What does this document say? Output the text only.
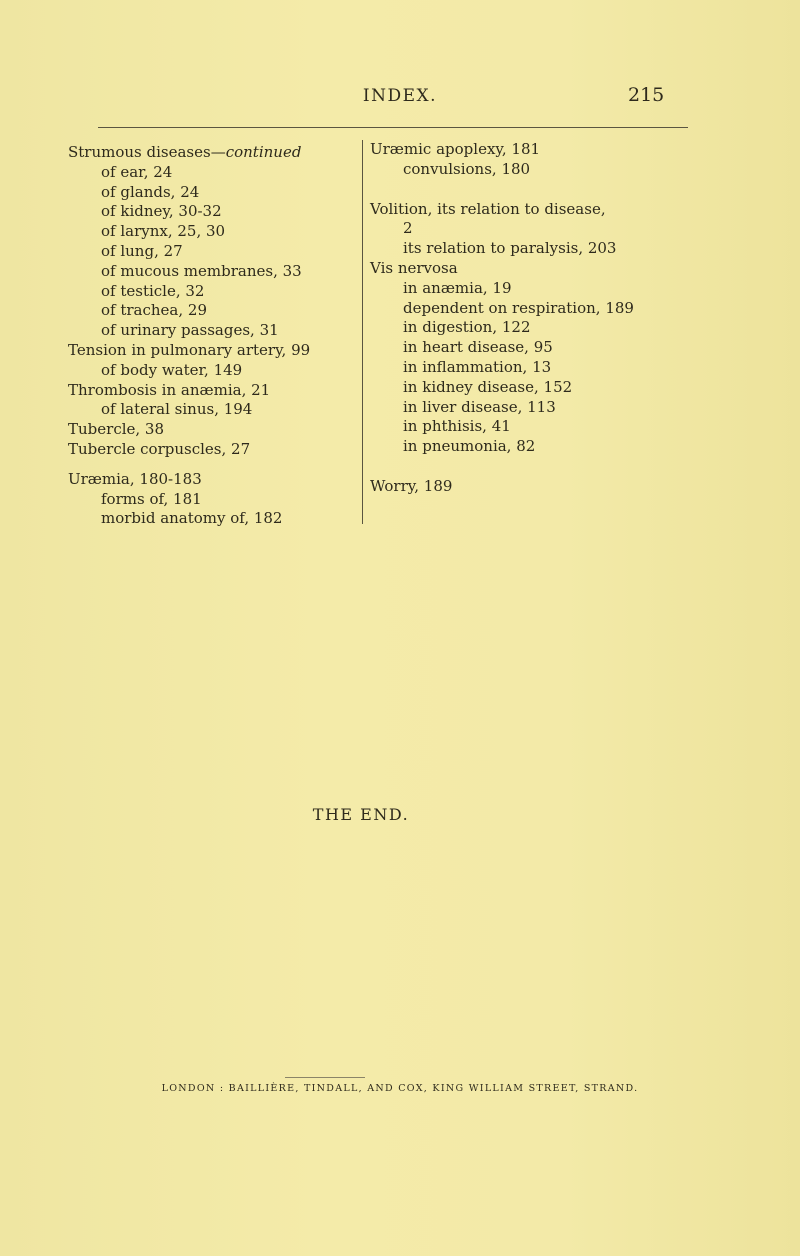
INDEX.	215
Strumous diseases—continued
of ear, 24
of glands, 24
of kidney, 30-32
of larynx, 25, 30
of lung, 27
of mucous membranes, 33
of testicle, 32
of trachea, 29
of urinary passages, 31
Tension in pulmonary artery, 99
of body water, 149
Thrombosis in anæmia, 21
of lateral sinus, 194
Tubercle, 38
Tubercle corpuscles, 27
Uræmia, 180-183
forms of, 181
morbid anatomy of, 182
Uræmic apoplexy, 181
convulsions, 180
Volition, its relation to disease,
2
its relation to paralysis, 203
Vis nervosa
in anæmia, 19
dependent on respiration, 189
in digestion, 122
in heart disease, 95
in inflammation, 13
in kidney disease, 152
in liver disease, 113
in phthisis, 41
in pneumonia, 82
Worry, 189
THE END.
LONDON : BAILLIÈRE, TINDALL, AND COX, KING WILLIAM STREET, STRAND.
